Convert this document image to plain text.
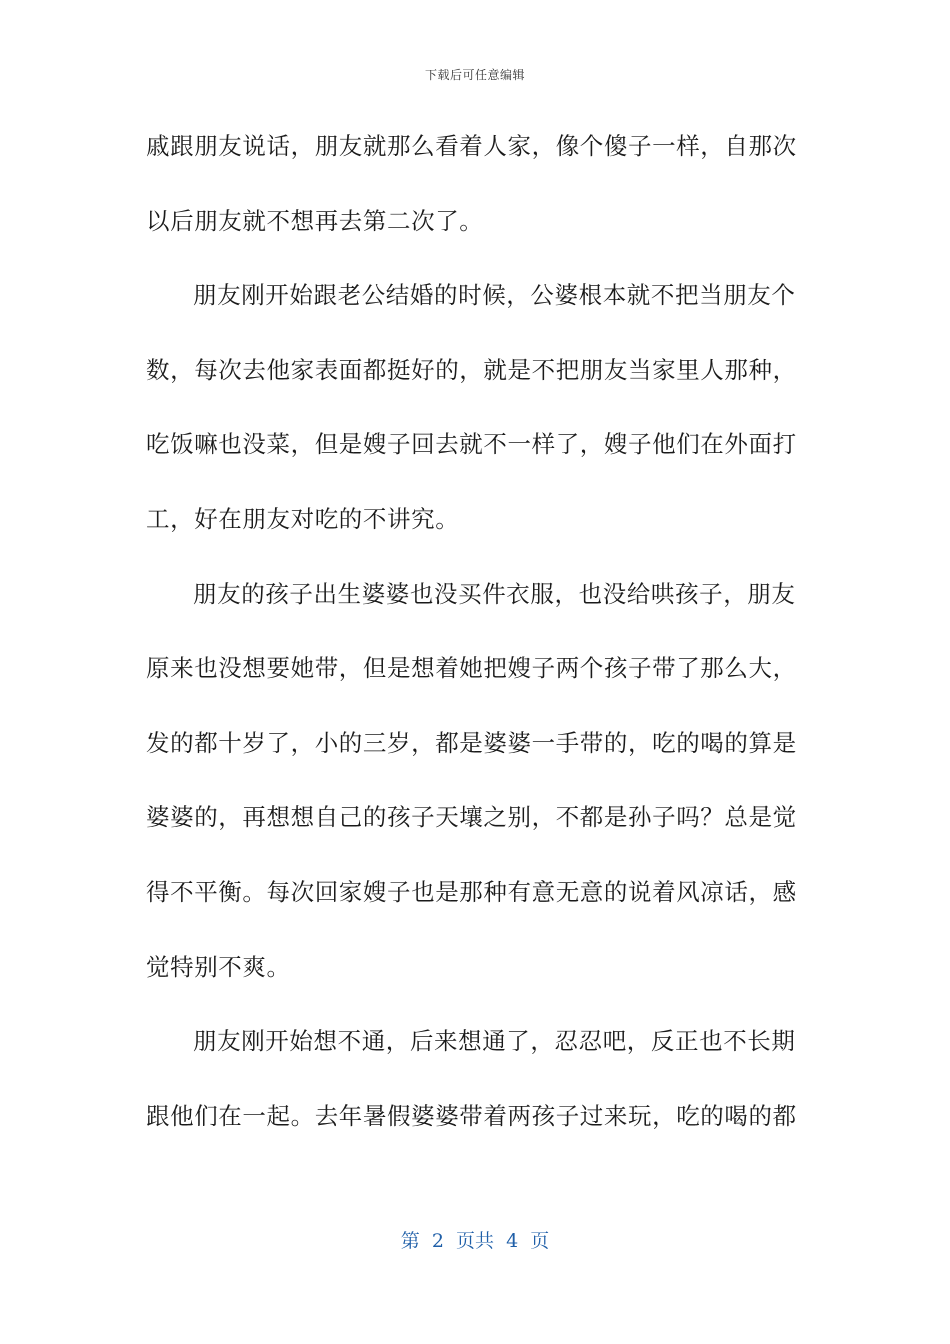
下载后可任意编辑
戚跟朋友说话，朋友就那么看着人家，像个傻子一样，自那次
以后朋友就不想再去第二次了。
朋友刚开始跟老公结婚的时候，公婆根本就不把当朋友个
数，每次去他家表面都挺好的，就是不把朋友当家里人那种，
吃饭嘛也没菜，但是嫂子回去就不一样了，嫂子他们在外面打
工，好在朋友对吃的不讲究。
朋友的孩子出生婆婆也没买件衣服，也没给哄孩子，朋友
原来也没想要她带，但是想着她把嫂子两个孩子带了那么大，
发的都十岁了，小的三岁，都是婆婆一手带的，吃的喝的算是
婆婆的，再想想自己的孩子天壤之别，不都是孙子吗？总是觉
得不平衡。每次回家嫂子也是那种有意无意的说着风凉话，感
觉特别不爽。
朋友刚开始想不通，后来想通了，忍忍吧，反正也不长期
跟他们在一起。去年暑假婆婆带着两孩子过来玩，吃的喝的都
第  2  页共  4  页
